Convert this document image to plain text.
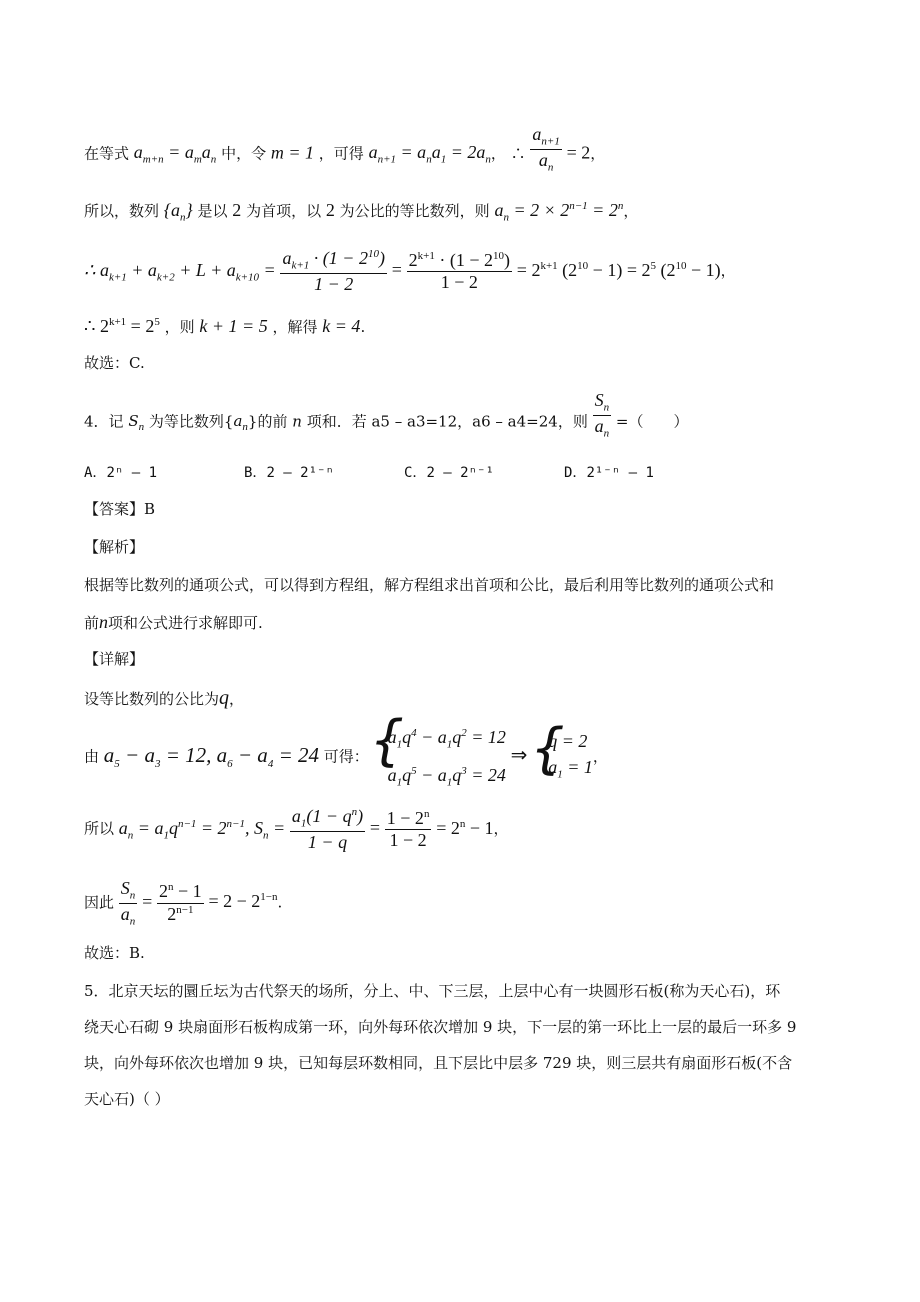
在等式 $a_{m+n} = a_ma_n$ 中，令 m = 1 ，可得 $a_{n+1} = a_na_1 = 2a_n$， ∴ $\frac{a_{n+1}}{a_n} = 2$，
所以，数列 $\{a_n\}$ 是以 2 为首项，以 2 为公比的等比数列，则 $a_n = 2 \times 2^{n-1} = 2^n$，
∴ $a_{k+1} + a_{k+2} + L + a_{k+10} = \frac{a_{k+1} \cdot (1 - 2^{10})}{1 - 2} = \frac{2^{k+1} \cdot (1 - 2^{10})}{1 - 2} = 2^{k+1}$ $(2^{10} - 1) = 2^5$ $(2^{10} - 1)$，
∴ $2^{k+1} = 2^5$ ，则 k + 1 = 5 ，解得 k = 4.
故选：C.
4．记 $S_n$ 为等比数列$\{a_n\}$的前 n 项和．若 a5 – a3=12，a6 – a4=24，则 $\frac{S_n}{a_n}$ =（　　）
A．2ⁿ – 1	B．2 – 2¹⁻ⁿ	C．2 – 2ⁿ⁻¹	D．2¹⁻ⁿ – 1
【答案】B
【解析】
根据等比数列的通项公式，可以得到方程组，解方程组求出首项和公比，最后利用等比数列的通项公式和
前n项和公式进行求解即可.
【详解】
设等比数列的公比为q，
由 $a_5 - a_3 = 12$, $a_6 - a_4 = 24$ 可得：
{ $a_1q^4 - a_1q^2 = 12$
$a_1q^5 - a_1q^3 = 24$
⇒
{ q = 2
$a_1 = 1$
，
所以 $a_n = a_1q^{n-1} = 2^{n-1}$, $S_n = \frac{a_1(1 - q^n)}{1 - q} = \frac{1 - 2^n}{1 - 2} = 2^n - 1$，
因此 $\frac{S_n}{a_n} = \frac{2^n - 1}{2^{n-1}} = 2 - 2^{1-n}$.
故选：B.
5．北京天坛的圜丘坛为古代祭天的场所，分上、中、下三层，上层中心有一块圆形石板(称为天心石)，环
绕天心石砌 9 块扇面形石板构成第一环，向外每环依次增加 9 块，下一层的第一环比上一层的最后一环多 9
块，向外每环依次也增加 9 块，已知每层环数相同，且下层比中层多 729 块，则三层共有扇面形石板(不含
天心石)（ ）
